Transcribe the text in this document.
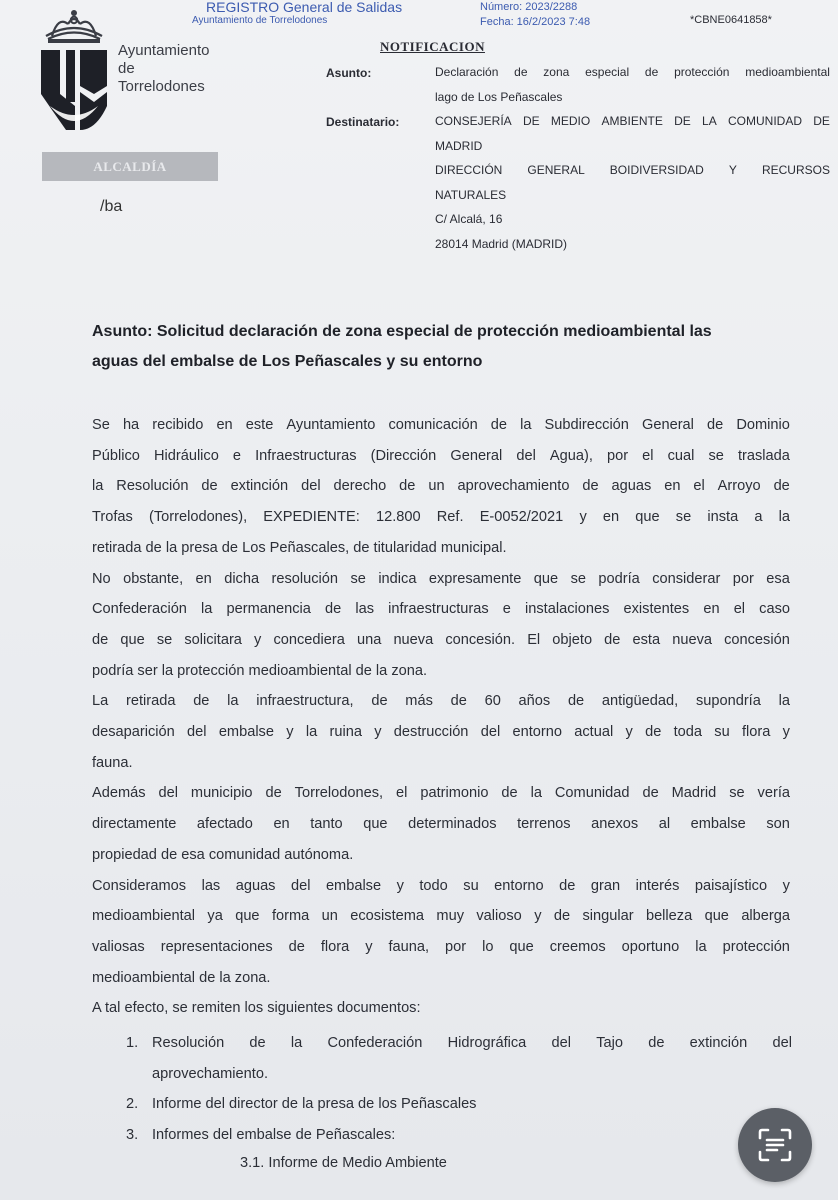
Ayuntamiento
de
Torrelodones
ALCALDÍA
/ba
REGISTRO General de Salidas
Ayuntamiento de Torrelodones
Número: 2023/2288
Fecha: 16/2/2023 7:48	*CBNE0641858*
NOTIFICACION
Asunto:	Declaración de zona especial de protección medioambiental
lago de Los Peñascales
Destinatario:	CONSEJERÍA DE MEDIO AMBIENTE DE LA COMUNIDAD DE
MADRID
DIRECCIÓN GENERAL BOIDIVERSIDAD Y RECURSOS
NATURALES
C/ Alcalá, 16
28014 Madrid (MADRID)
Asunto: Solicitud declaración de zona especial de protección medioambiental las
aguas del embalse de Los Peñascales y su entorno
Se ha recibido en este Ayuntamiento comunicación de la Subdirección General de Dominio
Público Hidráulico e Infraestructuras (Dirección General del Agua), por el cual se traslada
la Resolución de extinción del derecho de un aprovechamiento de aguas en el Arroyo de
Trofas (Torrelodones), EXPEDIENTE: 12.800 Ref. E-0052/2021 y en que se insta a la
retirada de la presa de Los Peñascales, de titularidad municipal.
No obstante, en dicha resolución se indica expresamente que se podría considerar por esa
Confederación la permanencia de las infraestructuras e instalaciones existentes en el caso
de que se solicitara y concediera una nueva concesión. El objeto de esta nueva concesión
podría ser la protección medioambiental de la zona.
La retirada de la infraestructura, de más de 60 años de antigüedad, supondría la
desaparición del embalse y la ruina y destrucción del entorno actual y de toda su flora y
fauna.
Además del municipio de Torrelodones, el patrimonio de la Comunidad de Madrid se vería
directamente afectado en tanto que determinados terrenos anexos al embalse son
propiedad de esa comunidad autónoma.
Consideramos las aguas del embalse y todo su entorno de gran interés paisajístico y
medioambiental ya que forma un ecosistema muy valioso y de singular belleza que alberga
valiosas representaciones de flora y fauna, por lo que creemos oportuno la protección
medioambiental de la zona.
A tal efecto, se remiten los siguientes documentos:
1. Resolución de la Confederación Hidrográfica del Tajo de extinción del
aprovechamiento.
2. Informe del director de la presa de los Peñascales
3. Informes del embalse de Peñascales:
3.1. Informe de Medio Ambiente
